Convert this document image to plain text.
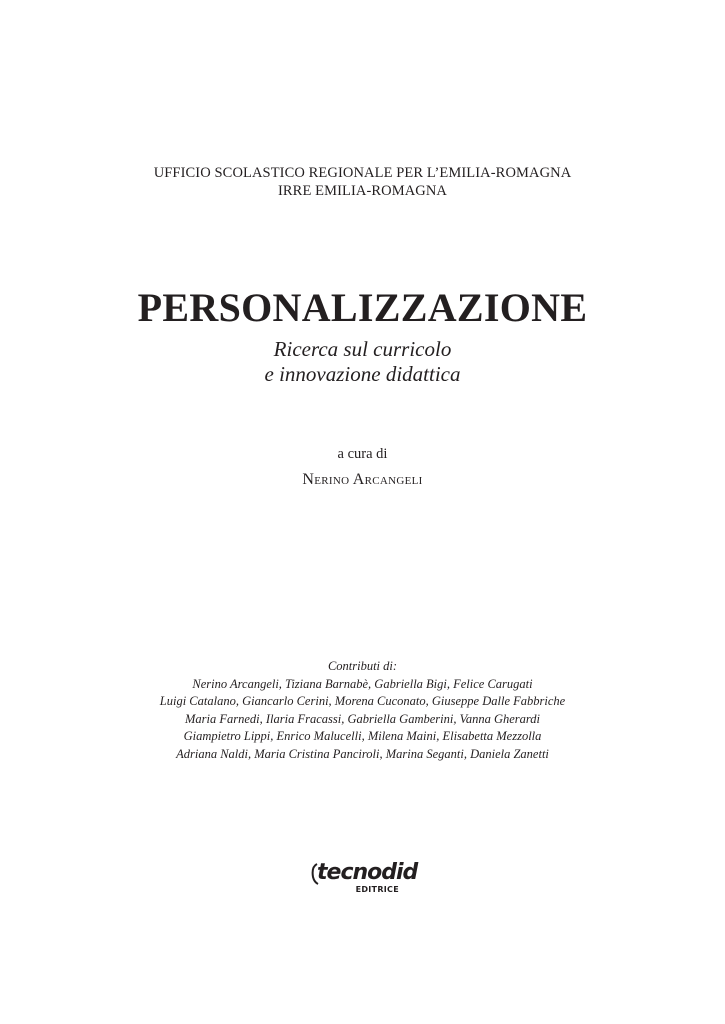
UFFICIO SCOLASTICO REGIONALE PER L’EMILIA-ROMAGNA
IRRE EMILIA-ROMAGNA
PERSONALIZZAZIONE
Ricerca sul curricolo
e innovazione didattica
a cura di
Nerino Arcangeli
Contributi di:
Nerino Arcangeli, Tiziana Barnabè, Gabriella Bigi, Felice Carugati
Luigi Catalano, Giancarlo Cerini, Morena Cuconato, Giuseppe Dalle Fabbriche
Maria Farnedi, Ilaria Fracassi, Gabriella Gamberini, Vanna Gherardi
Giampietro Lippi, Enrico Malucelli, Milena Maini, Elisabetta Mezzolla
Adriana Naldi, Maria Cristina Panciroli, Marina Seganti, Daniela Zanetti
tecnodid
EDITRICE
